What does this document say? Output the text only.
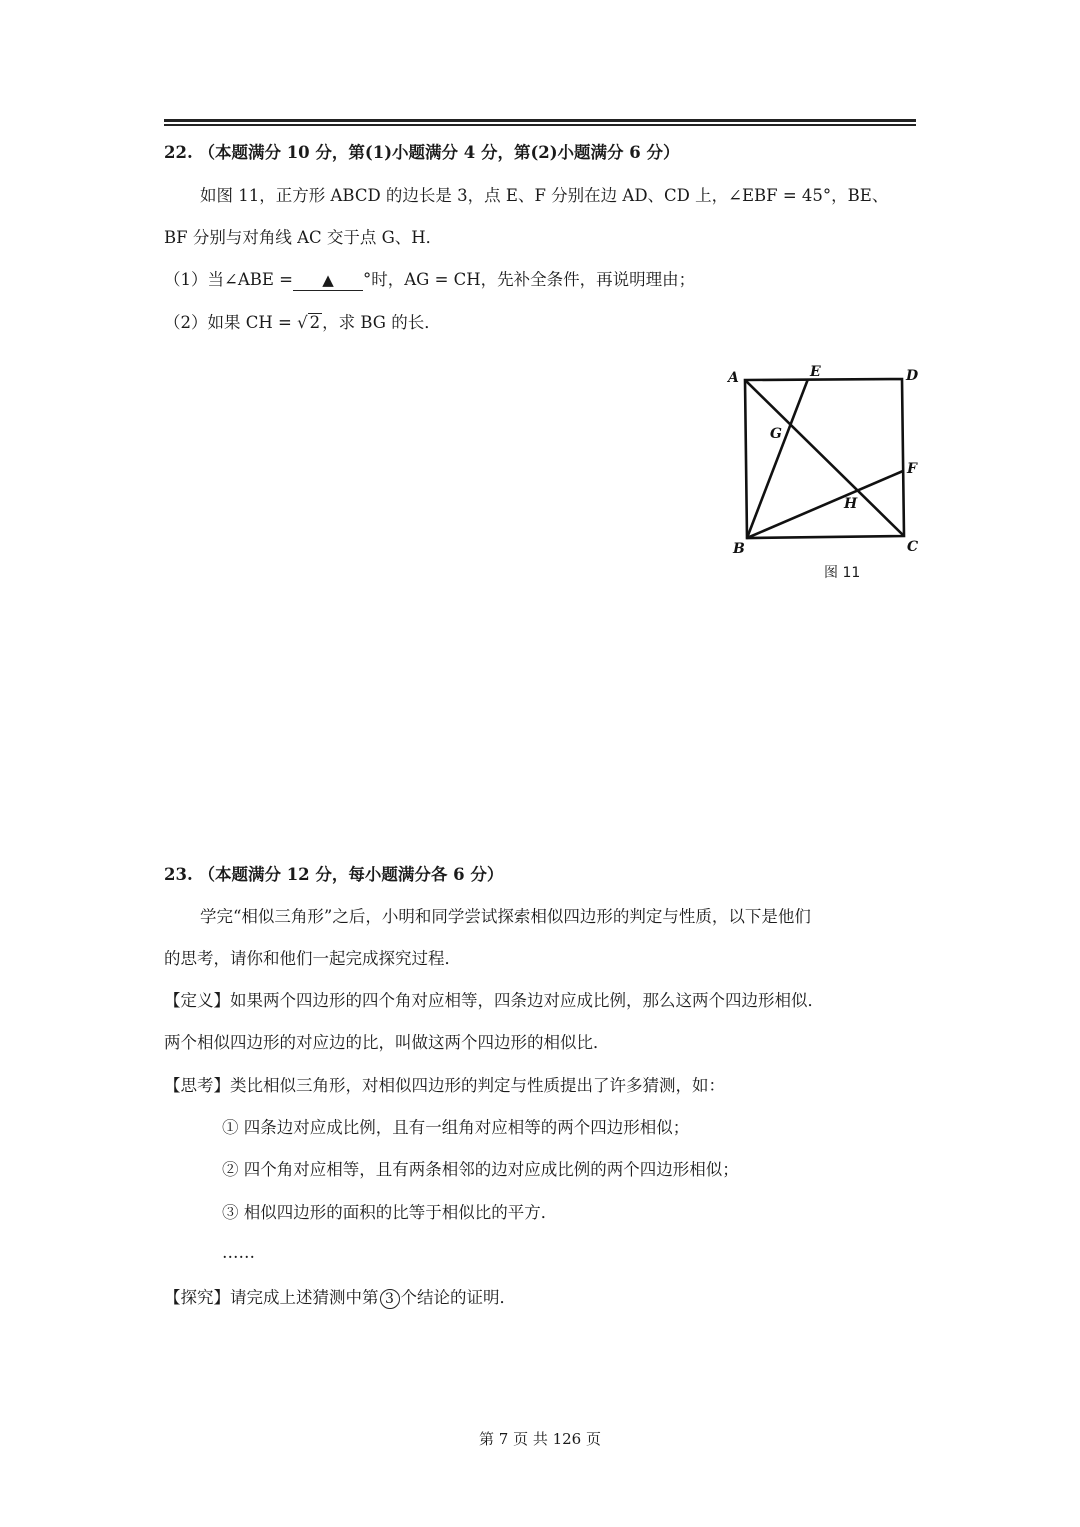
22. （本题满分 10 分，第(1)小题满分 4 分，第(2)小题满分 6 分）
如图 11，正方形 ABCD 的边长是 3，点 E、F 分别在边 AD、CD 上，∠EBF = 45°，BE、
BF 分别与对角线 AC 交于点 G、H．
（1）当∠ABE = ▲ °时，AG = CH，先补全条件，再说明理由；
（2）如果 CH = √ 2 ，求 BG 的长．
A	E	D
G
F
H
B	C
图 11
23. （本题满分 12 分，每小题满分各 6 分）
学完“相似三角形”之后，小明和同学尝试探索相似四边形的判定与性质，以下是他们
的思考，请你和他们一起完成探究过程．
【定义】如果两个四边形的四个角对应相等，四条边对应成比例，那么这两个四边形相似．
两个相似四边形的对应边的比，叫做这两个四边形的相似比．
【思考】类比相似三角形，对相似四边形的判定与性质提出了许多猜测，如：
① 四条边对应成比例，且有一组角对应相等的两个四边形相似；
② 四个角对应相等，且有两条相邻的边对应成比例的两个四边形相似；
③ 相似四边形的面积的比等于相似比的平方．
……
【探究】请完成上述猜测中第 3 个结论的证明．
第 7 页 共 126 页
